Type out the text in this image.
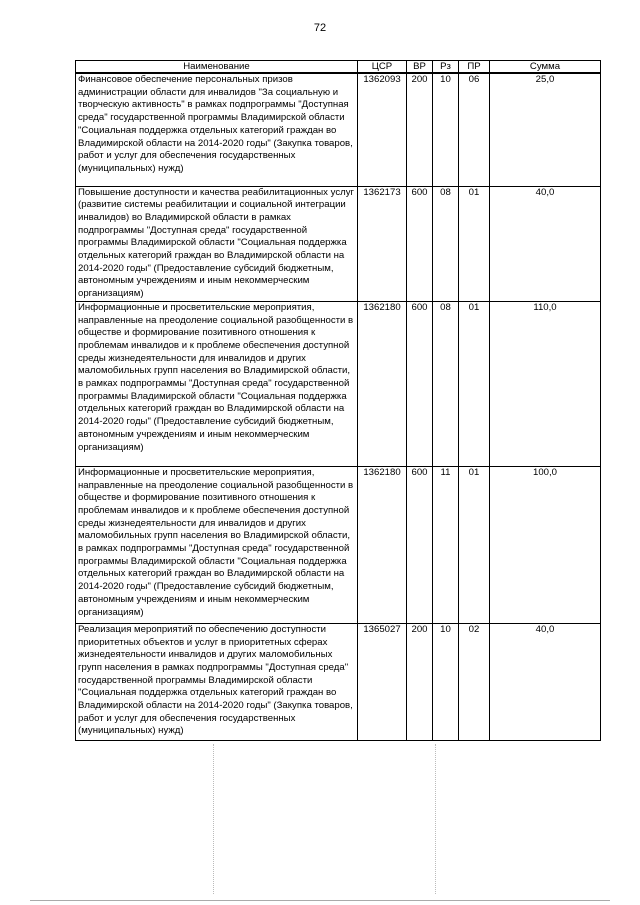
72
Наименование	ЦСР	ВР	Рз	ПР	Сумма
Финансовое обеспечение персональных призов администрации области для инвалидов "За социальную и творческую активность" в рамках подпрограммы "Доступная среда" государственной программы Владимирской области "Социальная поддержка отдельных категорий граждан во Владимирской области на 2014-2020 годы" (Закупка товаров, работ и услуг для обеспечения государственных (муниципальных) нужд)	1362093	200	10	06	25,0
Повышение доступности и качества реабилитационных услуг (развитие системы реабилитации и социальной интеграции инвалидов) во Владимирской области в рамках подпрограммы "Доступная среда" государственной программы Владимирской области "Социальная поддержка отдельных категорий граждан во Владимирской области на 2014-2020 годы" (Предоставление субсидий бюджетным, автономным учреждениям и иным некоммерческим организациям)	1362173	600	08	01	40,0
Информационные и просветительские мероприятия, направленные на преодоление социальной разобщенности в обществе и формирование позитивного отношения к проблемам инвалидов и к проблеме обеспечения доступной среды жизнедеятельности для инвалидов и других маломобильных групп населения во Владимирской области, в рамках подпрограммы "Доступная среда" государственной программы Владимирской области "Социальная поддержка отдельных категорий граждан во Владимирской области на 2014-2020 годы" (Предоставление субсидий бюджетным, автономным учреждениям и иным некоммерческим организациям)	1362180	600	08	01	110,0
Информационные и просветительские мероприятия, направленные на преодоление социальной разобщенности в обществе и формирование позитивного отношения к проблемам инвалидов и к проблеме обеспечения доступной среды жизнедеятельности для инвалидов и других маломобильных групп населения во Владимирской области, в рамках подпрограммы "Доступная среда" государственной программы Владимирской области "Социальная поддержка отдельных категорий граждан во Владимирской области на 2014-2020 годы" (Предоставление субсидий бюджетным, автономным учреждениям и иным некоммерческим организациям)	1362180	600	11	01	100,0
Реализация мероприятий по обеспечению доступности приоритетных объектов и услуг в приоритетных сферах жизнедеятельности инвалидов и других маломобильных групп населения в рамках подпрограммы "Доступная среда" государственной программы Владимирской области "Социальная поддержка отдельных категорий граждан во Владимирской области на 2014-2020 годы" (Закупка товаров, работ и услуг для обеспечения государственных (муниципальных) нужд)	1365027	200	10	02	40,0
